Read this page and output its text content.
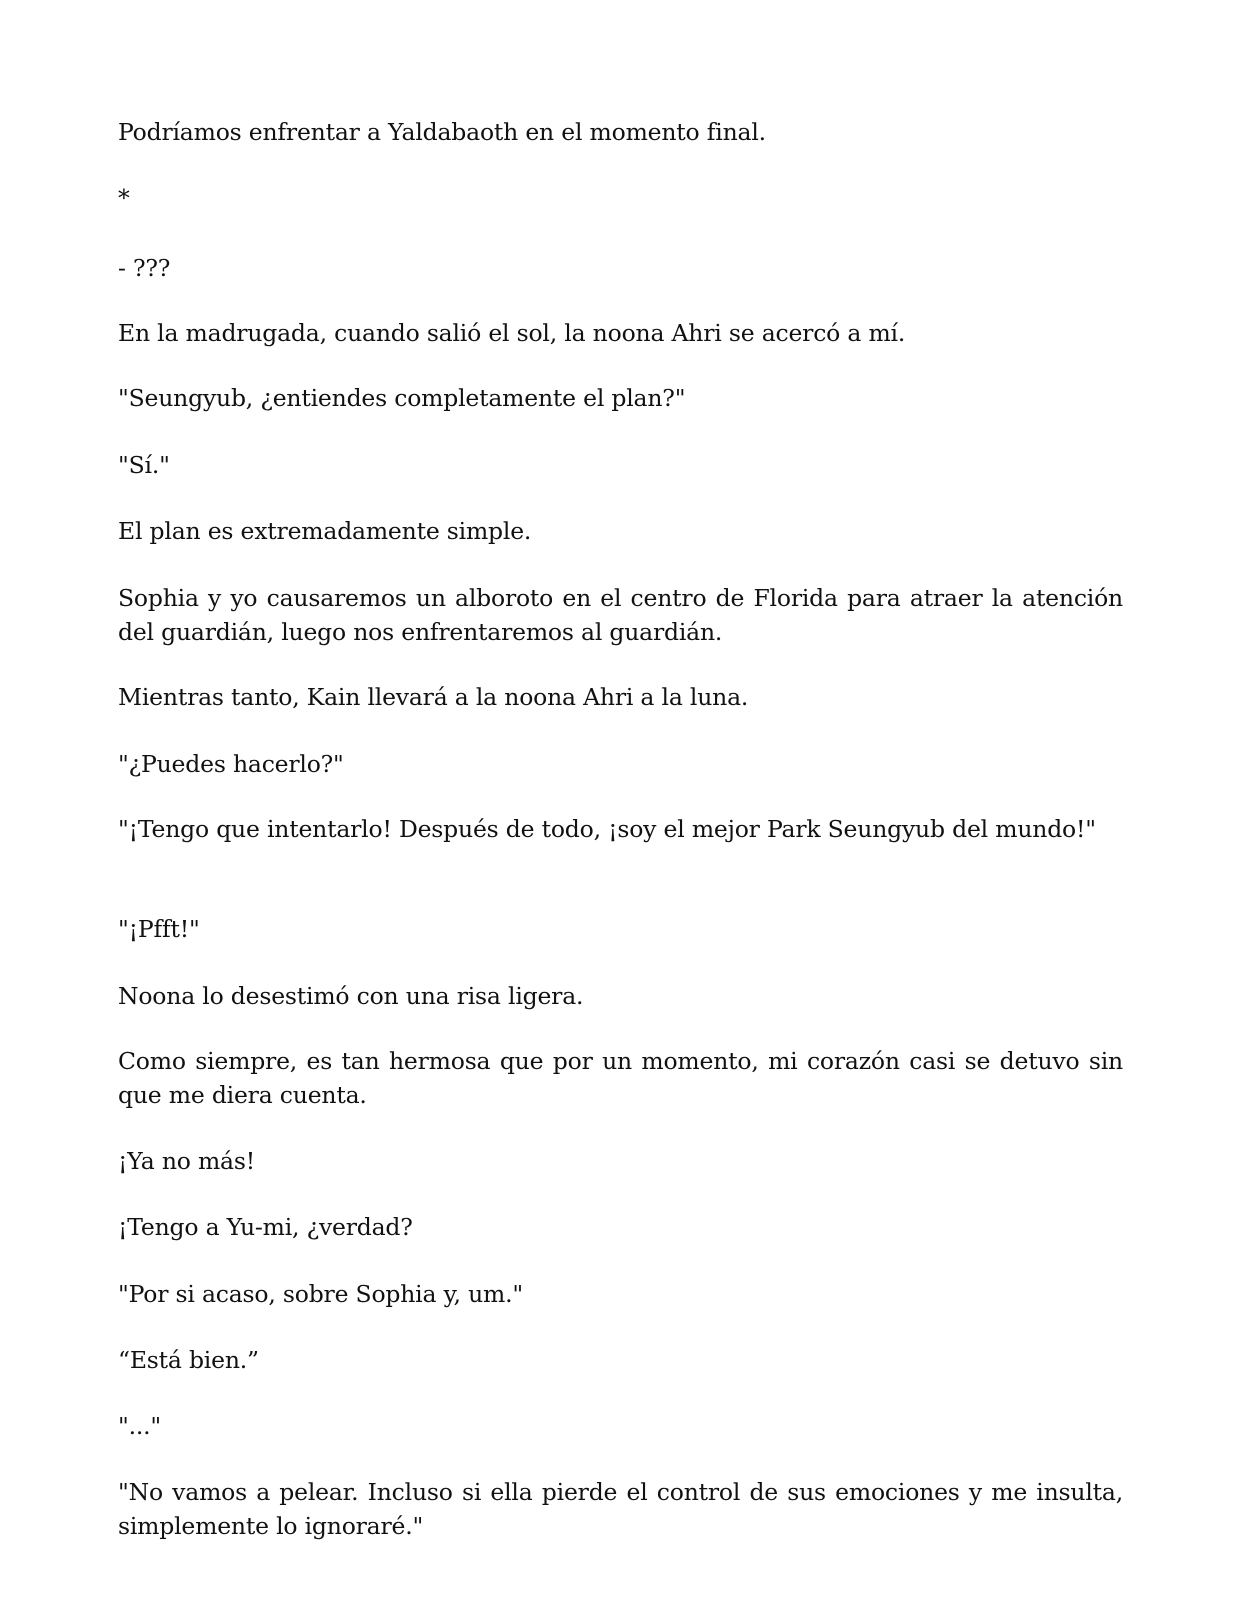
Podríamos enfrentar a Yaldabaoth en el momento final.

*

- ???

En la madrugada, cuando salió el sol, la noona Ahri se acercó a mí.

"Seungyub, ¿entiendes completamente el plan?"

"Sí."

El plan es extremadamente simple.

Sophia y yo causaremos un alboroto en el centro de Florida para atraer la atención del guardián, luego nos enfrentaremos al guardián.

Mientras tanto, Kain llevará a la noona Ahri a la luna.

"¿Puedes hacerlo?"

"¡Tengo que intentarlo! Después de todo, ¡soy el mejor Park Seungyub del mundo!"

"¡Pfft!"

Noona lo desestimó con una risa ligera.

Como siempre, es tan hermosa que por un momento, mi corazón casi se detuvo sin que me diera cuenta.

¡Ya no más!

¡Tengo a Yu-mi, ¿verdad?

"Por si acaso, sobre Sophia y, um."

“Está bien.”

"..."

"No vamos a pelear. Incluso si ella pierde el control de sus emociones y me insulta, simplemente lo ignoraré."
